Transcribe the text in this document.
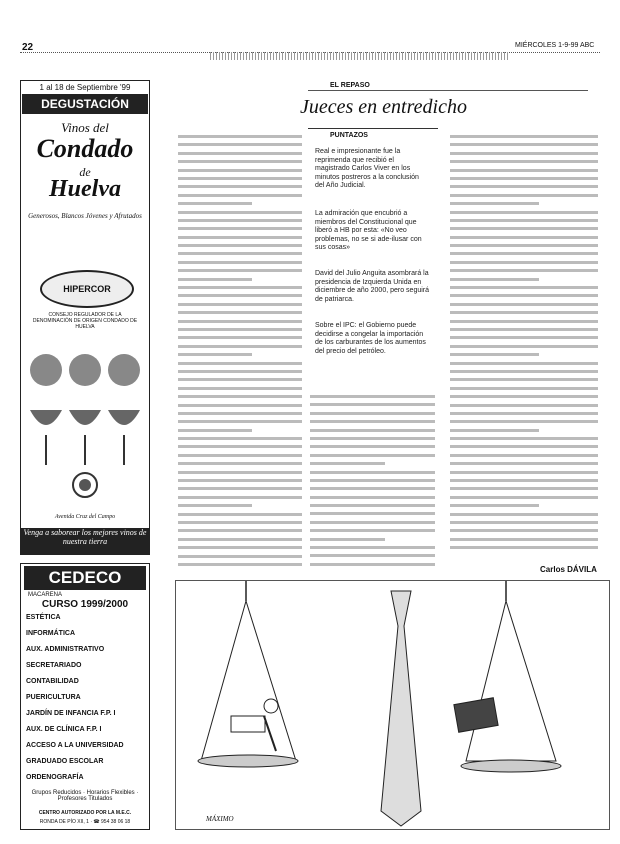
22	MIÉRCOLES 1-9-99 ABC
1 al 18 de Septiembre '99
DEGUSTACIÓN
Vinos del
Condado
de
Huelva
Generosos, Blancos Jóvenes y Afrutados
HIPERCOR
CONSEJO REGULADOR DE LA DENOMINACIÓN DE ORIGEN CONDADO DE HUELVA
Avenida Cruz del Campo
Venga a saborear los mejores vinos de nuestra tierra
CEDECO
MACARENA
CURSO 1999/2000
ESTÉTICA
INFORMÁTICA
AUX. ADMINISTRATIVO
SECRETARIADO
CONTABILIDAD
PUERICULTURA
JARDÍN DE INFANCIA F.P. I
AUX. DE CLÍNICA F.P. I
ACCESO A LA UNIVERSIDAD
GRADUADO ESCOLAR
ORDENOGRAFÍA
Grupos Reducidos · Horarios Flexibles · Profesores Titulados
CENTRO AUTORIZADO POR LA M.E.C.
RONDA DE PÍO XII, 1 · ☎ 954 38 06 18
EL REPASO
Jueces en entredicho
PUNTAZOS
Real e impresionante fue la reprimenda que recibió el magistrado Carlos Viver en los minutos postreros a la conclusión del Año Judicial.
La admiración que encubrió a miembros del Constitucional que liberó a HB por esta: «No veo problemas, no se si ade-ilusar con sus cosas»
David del Julio Anguita asombrará la presidencia de Izquierda Unida en diciembre de año 2000, pero seguirá de patriarca.
Sobre el IPC: el Gobierno puede decidirse a congelar la importación de los carburantes de los aumentos del precio del petróleo.
Carlos DÁVILA
MÁXIMO
